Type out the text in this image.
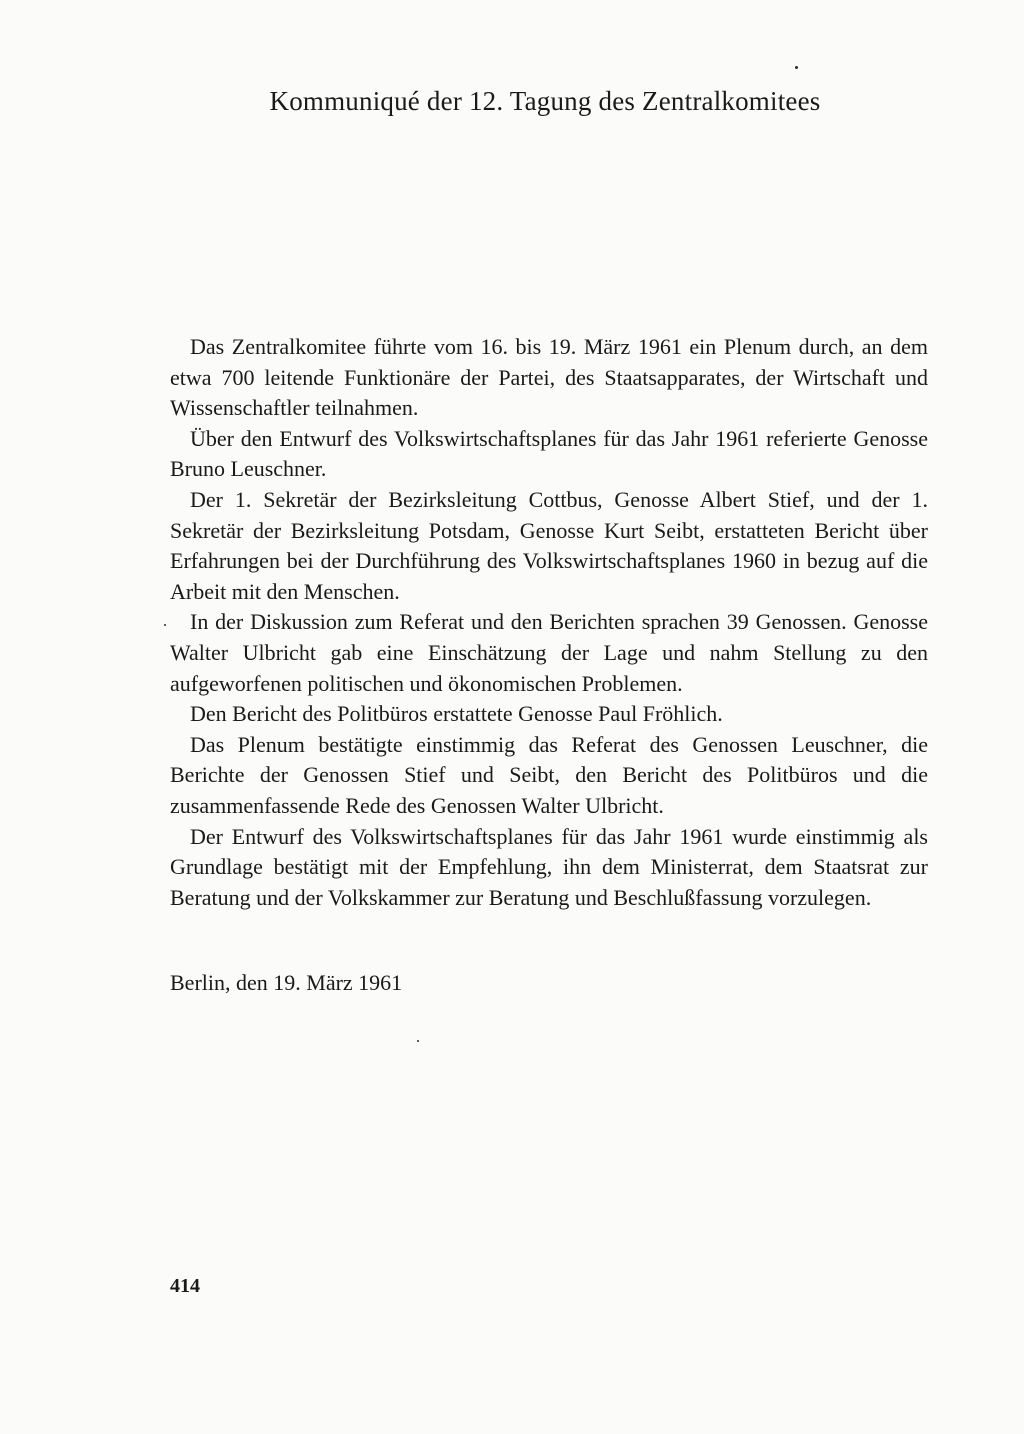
Kommuniqué der 12. Tagung des Zentralkomitees

Das Zentralkomitee führte vom 16. bis 19. März 1961 ein Plenum durch, an dem etwa 700 leitende Funktionäre der Partei, des Staatsapparates, der Wirtschaft und Wissenschaftler teilnahmen.

Über den Entwurf des Volkswirtschaftsplanes für das Jahr 1961 referierte Genosse Bruno Leuschner.

Der 1. Sekretär der Bezirksleitung Cottbus, Genosse Albert Stief, und der 1. Sekretär der Bezirksleitung Potsdam, Genosse Kurt Seibt, erstatteten Bericht über Erfahrungen bei der Durchführung des Volkswirtschaftsplanes 1960 in bezug auf die Arbeit mit den Menschen.

In der Diskussion zum Referat und den Berichten sprachen 39 Genossen. Genosse Walter Ulbricht gab eine Einschätzung der Lage und nahm Stellung zu den aufgeworfenen politischen und ökonomischen Problemen.

Den Bericht des Politbüros erstattete Genosse Paul Fröhlich.

Das Plenum bestätigte einstimmig das Referat des Genossen Leuschner, die Berichte der Genossen Stief und Seibt, den Bericht des Politbüros und die zusammenfassende Rede des Genossen Walter Ulbricht.

Der Entwurf des Volkswirtschaftsplanes für das Jahr 1961 wurde einstimmig als Grundlage bestätigt mit der Empfehlung, ihn dem Ministerrat, dem Staatsrat zur Beratung und der Volkskammer zur Beratung und Beschlußfassung vorzulegen.

Berlin, den 19. März 1961
414
